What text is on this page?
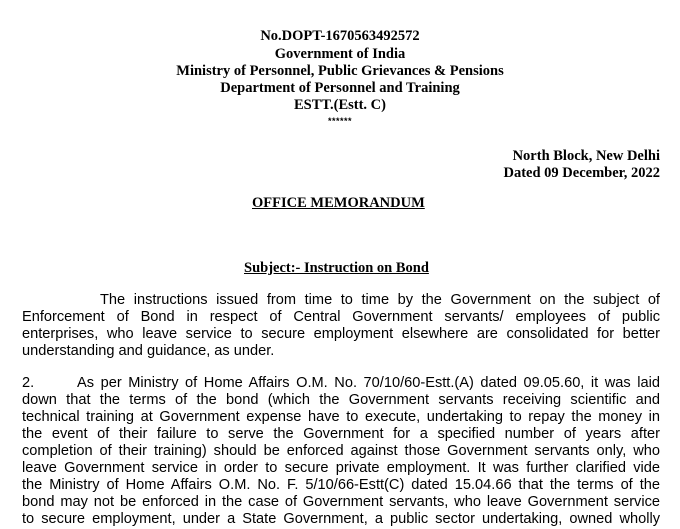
No.DOPT-1670563492572
Government of India
Ministry of Personnel, Public Grievances & Pensions
Department of Personnel and Training
ESTT.(Estt. C)
******
North Block, New Delhi
Dated 09 December, 2022
OFFICE MEMORANDUM
Subject:- Instruction on Bond
The instructions issued from time to time by the Government on the subject of
Enforcement of Bond in respect of Central Government servants/ employees of public
enterprises, who leave service to secure employment elsewhere are consolidated for better
understanding and guidance, as under.
2.	As per Ministry of Home Affairs O.M. No. 70/10/60-Estt.(A) dated 09.05.60, it was laid
down that the terms of the bond (which the Government servants receiving scientific and
technical training at Government expense have to execute, undertaking to repay the money in
the event of their failure to serve the Government for a specified number of years after
completion of their training) should be enforced against those Government servants only, who
leave Government service in order to secure private employment. It was further clarified vide
the Ministry of Home Affairs O.M. No. F. 5/10/66-Estt(C) dated 15.04.66 that the terms of the
bond may not be enforced in the case of Government servants, who leave Government service
to secure employment, under a State Government, a public sector undertaking, owned wholly
